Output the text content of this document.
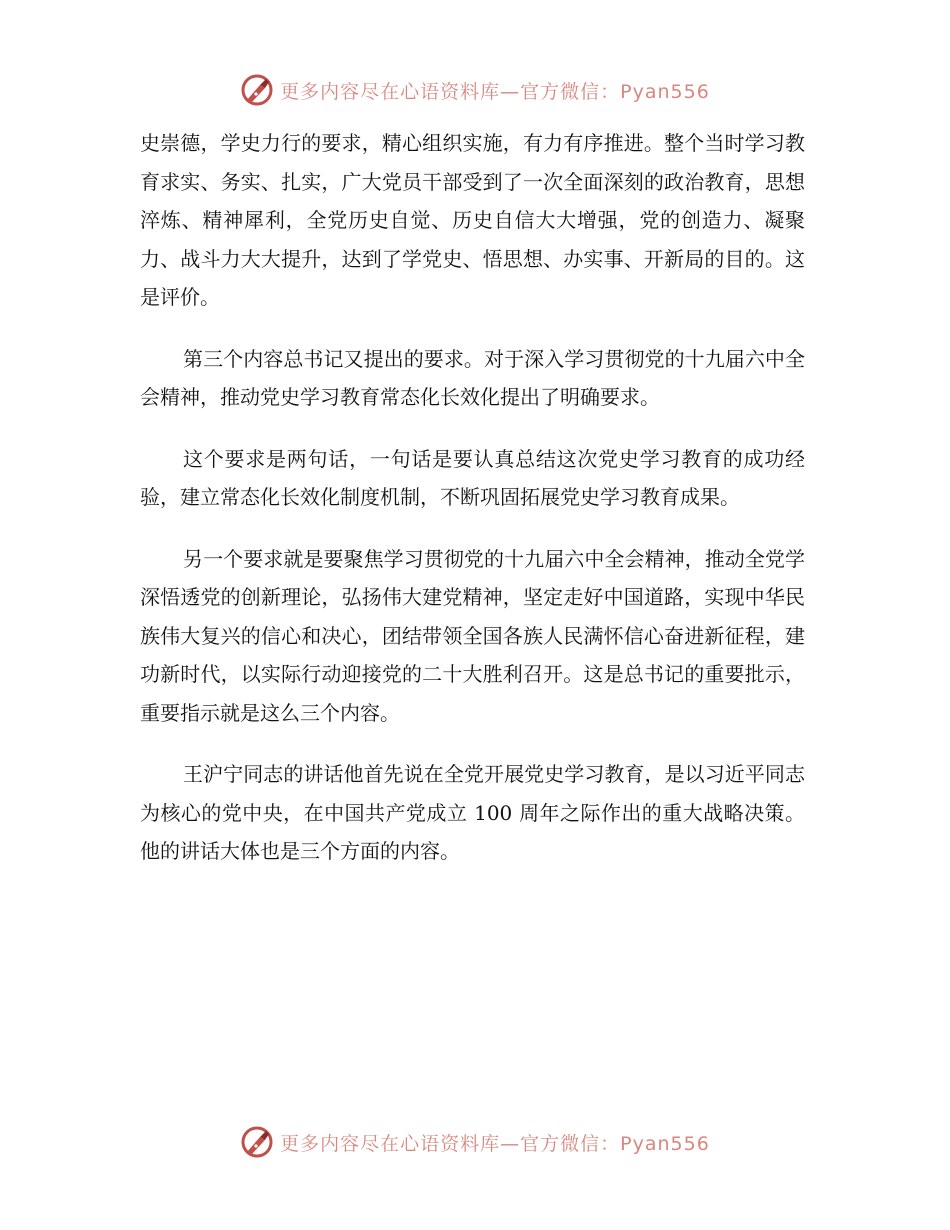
更多内容尽在心语资料库—官方微信：Pyan556

史崇德，学史力行的要求，精心组织实施，有力有序推进。整个当时学习教育求实、务实、扎实，广大党员干部受到了一次全面深刻的政治教育，思想淬炼、精神犀利，全党历史自觉、历史自信大大增强，党的创造力、凝聚力、战斗力大大提升，达到了学党史、悟思想、办实事、开新局的目的。这是评价。

第三个内容总书记又提出的要求。对于深入学习贯彻党的十九届六中全会精神，推动党史学习教育常态化长效化提出了明确要求。

这个要求是两句话，一句话是要认真总结这次党史学习教育的成功经验，建立常态化长效化制度机制，不断巩固拓展党史学习教育成果。

另一个要求就是要聚焦学习贯彻党的十九届六中全会精神，推动全党学深悟透党的创新理论，弘扬伟大建党精神，坚定走好中国道路，实现中华民族伟大复兴的信心和决心，团结带领全国各族人民满怀信心奋进新征程，建功新时代，以实际行动迎接党的二十大胜利召开。这是总书记的重要批示，重要指示就是这么三个内容。

王沪宁同志的讲话他首先说在全党开展党史学习教育，是以习近平同志为核心的党中央，在中国共产党成立 100 周年之际作出的重大战略决策。他的讲话大体也是三个方面的内容。

更多内容尽在心语资料库—官方微信：Pyan556
